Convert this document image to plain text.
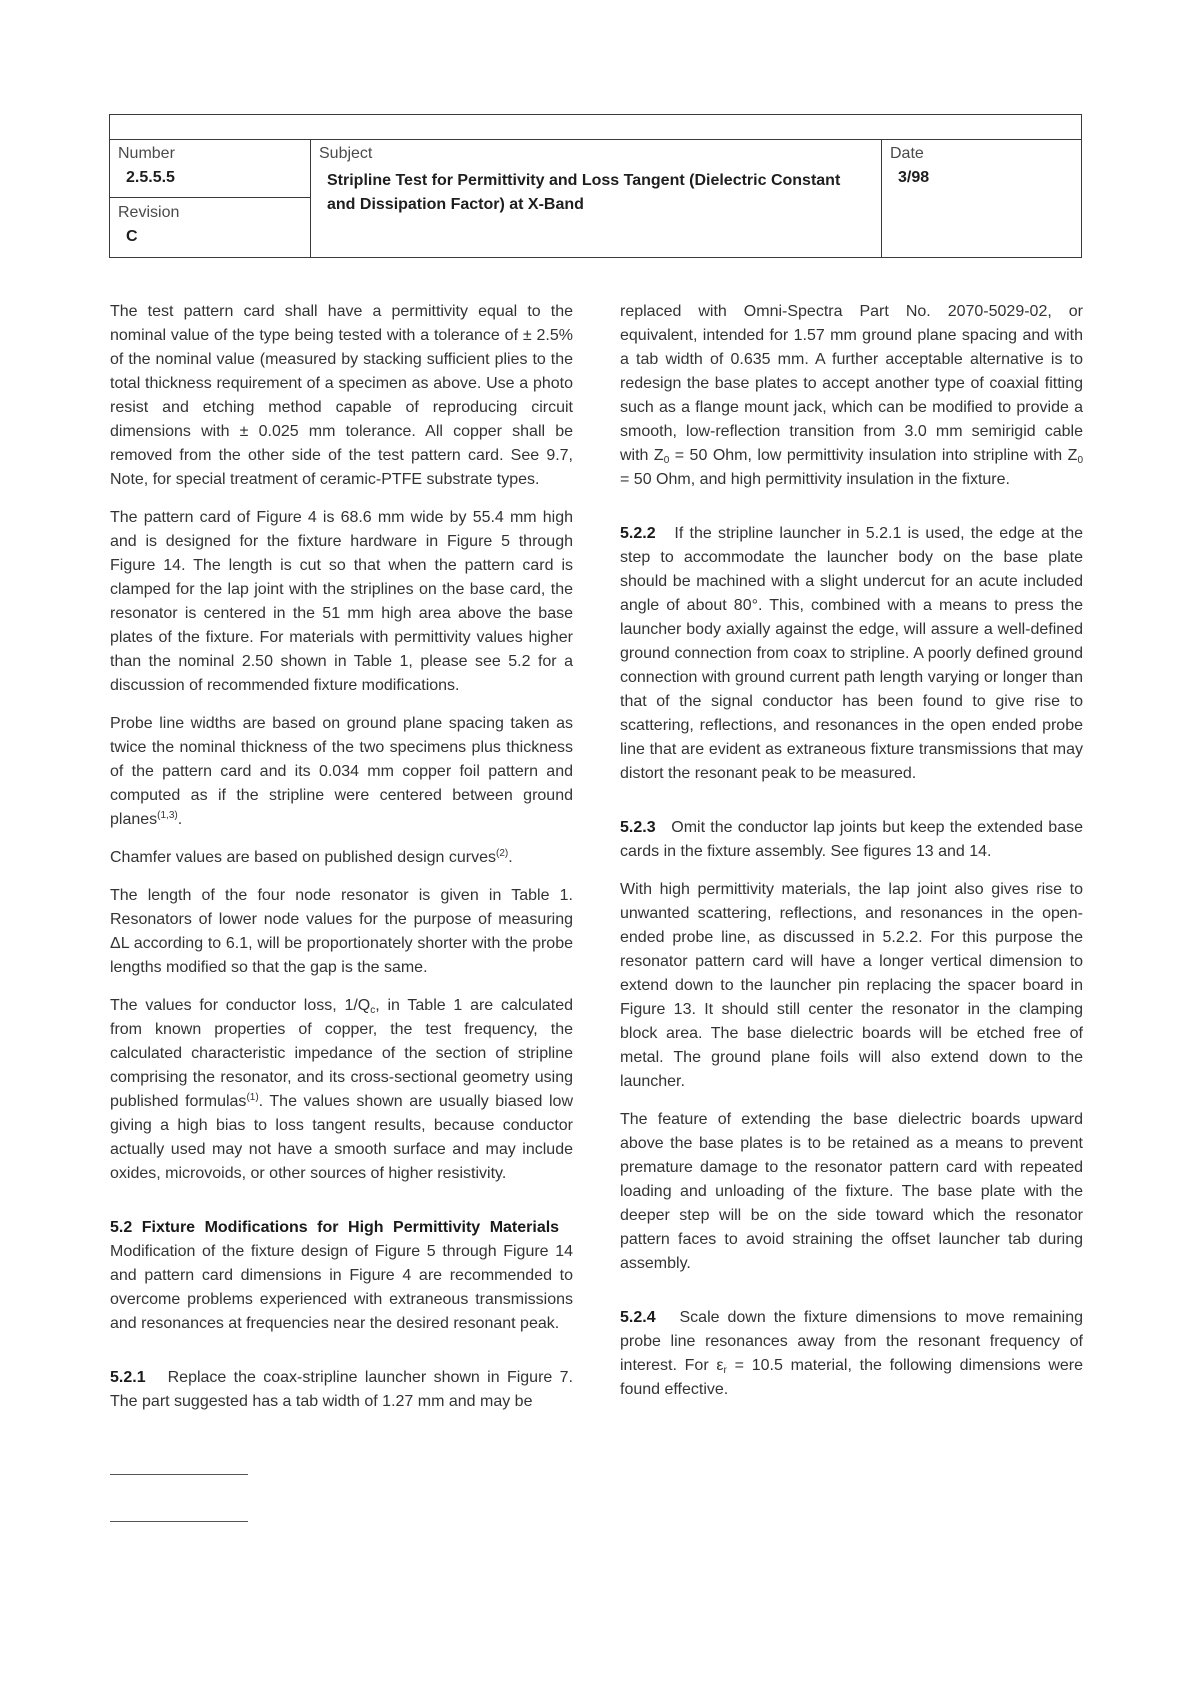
Number
2.5.5.5
Revision
C
Subject
Stripline Test for Permittivity and Loss Tangent (Dielectric Constant and Dissipation Factor) at X-Band
Date
3/98

The test pattern card shall have a permittivity equal to the nominal value of the type being tested with a tolerance of ± 2.5% of the nominal value (measured by stacking sufficient plies to the total thickness requirement of a specimen as above. Use a photo resist and etching method capable of reproducing circuit dimensions with ± 0.025 mm tolerance. All copper shall be removed from the other side of the test pattern card. See 9.7, Note, for special treatment of ceramic-PTFE substrate types.

The pattern card of Figure 4 is 68.6 mm wide by 55.4 mm high and is designed for the fixture hardware in Figure 5 through Figure 14. The length is cut so that when the pattern card is clamped for the lap joint with the striplines on the base card, the resonator is centered in the 51 mm high area above the base plates of the fixture. For materials with permittivity values higher than the nominal 2.50 shown in Table 1, please see 5.2 for a discussion of recommended fixture modifications.

Probe line widths are based on ground plane spacing taken as twice the nominal thickness of the two specimens plus thickness of the pattern card and its 0.034 mm copper foil pattern and computed as if the stripline were centered between ground planes$^{(1,3)}$.

Chamfer values are based on published design curves$^{(2)}$.

The length of the four node resonator is given in Table 1. Resonators of lower node values for the purpose of measuring ΔL according to 6.1, will be proportionately shorter with the probe lengths modified so that the gap is the same.

The values for conductor loss, $1/Q_c$, in Table 1 are calculated from known properties of copper, the test frequency, the calculated characteristic impedance of the section of stripline comprising the resonator, and its cross-sectional geometry using published formulas$^{(1)}$. The values shown are usually biased low giving a high bias to loss tangent results, because conductor actually used may not have a smooth surface and may include oxides, microvoids, or other sources of higher resistivity.

5.2 Fixture Modifications for High Permittivity Materials   Modification of the fixture design of Figure 5 through Figure 14 and pattern card dimensions in Figure 4 are recommended to overcome problems experienced with extraneous transmissions and resonances at frequencies near the desired resonant peak.

5.2.1 Replace the coax-stripline launcher shown in Figure 7. The part suggested has a tab width of 1.27 mm and may be

replaced with Omni-Spectra Part No. 2070-5029-02, or equivalent, intended for 1.57 mm ground plane spacing and with a tab width of 0.635 mm. A further acceptable alternative is to redesign the base plates to accept another type of coaxial fitting such as a flange mount jack, which can be modified to provide a smooth, low-reflection transition from 3.0 mm semirigid cable with $Z_0 = 50$ Ohm, low permittivity insulation into stripline with $Z_0 = 50$ Ohm, and high permittivity insulation in the fixture.

5.2.2 If the stripline launcher in 5.2.1 is used, the edge at the step to accommodate the launcher body on the base plate should be machined with a slight undercut for an acute included angle of about 80°. This, combined with a means to press the launcher body axially against the edge, will assure a well-defined ground connection from coax to stripline. A poorly defined ground connection with ground current path length varying or longer than that of the signal conductor has been found to give rise to scattering, reflections, and resonances in the open ended probe line that are evident as extraneous fixture transmissions that may distort the resonant peak to be measured.

5.2.3 Omit the conductor lap joints but keep the extended base cards in the fixture assembly. See figures 13 and 14.

With high permittivity materials, the lap joint also gives rise to unwanted scattering, reflections, and resonances in the open-ended probe line, as discussed in 5.2.2. For this purpose the resonator pattern card will have a longer vertical dimension to extend down to the launcher pin replacing the spacer board in Figure 13. It should still center the resonator in the clamping block area. The base dielectric boards will be etched free of metal. The ground plane foils will also extend down to the launcher.

The feature of extending the base dielectric boards upward above the base plates is to be retained as a means to prevent premature damage to the resonator pattern card with repeated loading and unloading of the fixture. The base plate with the deeper step will be on the side toward which the resonator pattern faces to avoid straining the offset launcher tab during assembly.

5.2.4 Scale down the fixture dimensions to move remaining probe line resonances away from the resonant frequency of interest. For $\varepsilon_r = 10.5$ material, the following dimensions were found effective.
